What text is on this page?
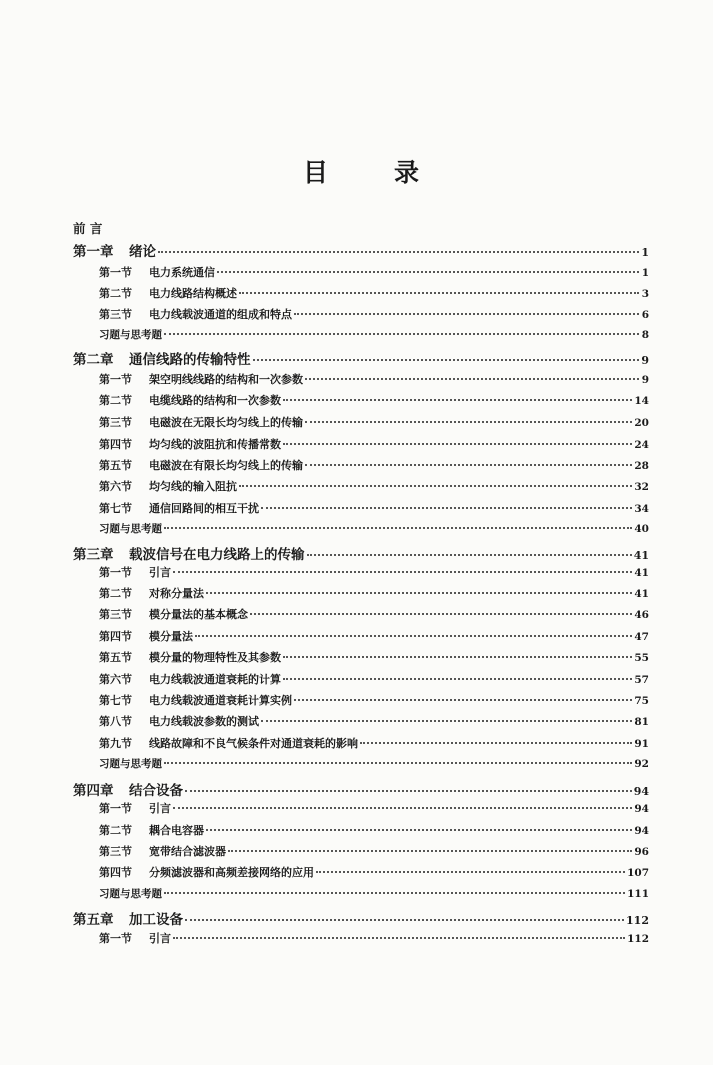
目	录
前 言
第一章	绪论	1
第一节	电力系统通信	1
第二节	电力线路结构概述	3
第三节	电力线载波通道的组成和特点	6
习题与思考题	8
第二章	通信线路的传输特性	9
第一节	架空明线线路的结构和一次参数	9
第二节	电缆线路的结构和一次参数	14
第三节	电磁波在无限长均匀线上的传输	20
第四节	均匀线的波阻抗和传播常数	24
第五节	电磁波在有限长均匀线上的传输	28
第六节	均匀线的输入阻抗	32
第七节	通信回路间的相互干扰	34
习题与思考题	40
第三章	载波信号在电力线路上的传输	41
第一节	引言	41
第二节	对称分量法	41
第三节	模分量法的基本概念	46
第四节	模分量法	47
第五节	模分量的物理特性及其参数	55
第六节	电力线载波通道衰耗的计算	57
第七节	电力线载波通道衰耗计算实例	75
第八节	电力线载波参数的测试	81
第九节	线路故障和不良气候条件对通道衰耗的影响	91
习题与思考题	92
第四章	结合设备	94
第一节	引言	94
第二节	耦合电容器	94
第三节	宽带结合滤波器	96
第四节	分频滤波器和高频差接网络的应用	107
习题与思考题	111
第五章	加工设备	112
第一节	引言	112
